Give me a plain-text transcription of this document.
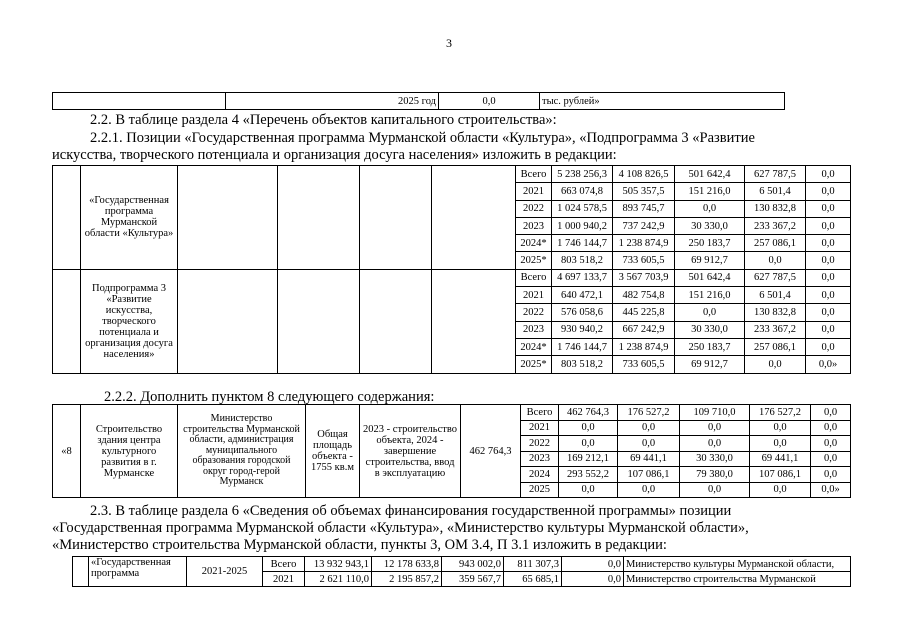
3
	2025 год	0,0	тыс. рублей»
2.2. В таблице раздела 4 «Перечень объектов капитального строительства»:
2.2.1. Позиции «Государственная программа Мурманской области «Культура», «Подпрограмма 3 «Развитие
искусства, творческого потенциала и организация досуга населения» изложить в редакции:
	«Государственная программа Мурманской области «Культура»					Всего	5 238 256,3	4 108 826,5	501 642,4	627 787,5	0,0
						2021	663 074,8	505 357,5	151 216,0	6 501,4	0,0
						2022	1 024 578,5	893 745,7	0,0	130 832,8	0,0
						2023	1 000 940,2	737 242,9	30 330,0	233 367,2	0,0
						2024*	1 746 144,7	1 238 874,9	250 183,7	257 086,1	0,0
						2025*	803 518,2	733 605,5	69 912,7	0,0	0,0
	Подпрограмма 3 «Развитие искусства, творческого потенциала и организация досуга населения»					Всего	4 697 133,7	3 567 703,9	501 642,4	627 787,5	0,0
						2021	640 472,1	482 754,8	151 216,0	6 501,4	0,0
						2022	576 058,6	445 225,8	0,0	130 832,8	0,0
						2023	930 940,2	667 242,9	30 330,0	233 367,2	0,0
						2024*	1 746 144,7	1 238 874,9	250 183,7	257 086,1	0,0
						2025*	803 518,2	733 605,5	69 912,7	0,0	0,0»
2.2.2. Дополнить пунктом 8 следующего содержания:
«8	Строительство здания центра культурного развития в г. Мурманске	Министерство строительства Мурманской области, администрация муниципального образования городской округ город-герой Мурманск	Общая площадь объекта - 1755 кв.м	2023 - строительство объекта, 2024 - завершение строительства, ввод в эксплуатацию	462 764,3	Всего	462 764,3	176 527,2	109 710,0	176 527,2	0,0
						2021	0,0	0,0	0,0	0,0	0,0
						2022	0,0	0,0	0,0	0,0	0,0
						2023	169 212,1	69 441,1	30 330,0	69 441,1	0,0
						2024	293 552,2	107 086,1	79 380,0	107 086,1	0,0
						2025	0,0	0,0	0,0	0,0	0,0»
2.3. В таблице раздела 6 «Сведения об объемах финансирования государственной программы» позиции
«Государственная программа Мурманской области «Культура», «Министерство культуры Мурманской области»,
«Министерство строительства Мурманской области, пункты 3, ОМ 3.4, П 3.1 изложить в редакции:
	«Государственная программа	2021-2025	Всего	13 932 943,1	12 178 633,8	943 002,0	811 307,3	0,0	Министерство культуры Мурманской области,
			2021	2 621 110,0	2 195 857,2	359 567,7	65 685,1	0,0	Министерство строительства Мурманской
